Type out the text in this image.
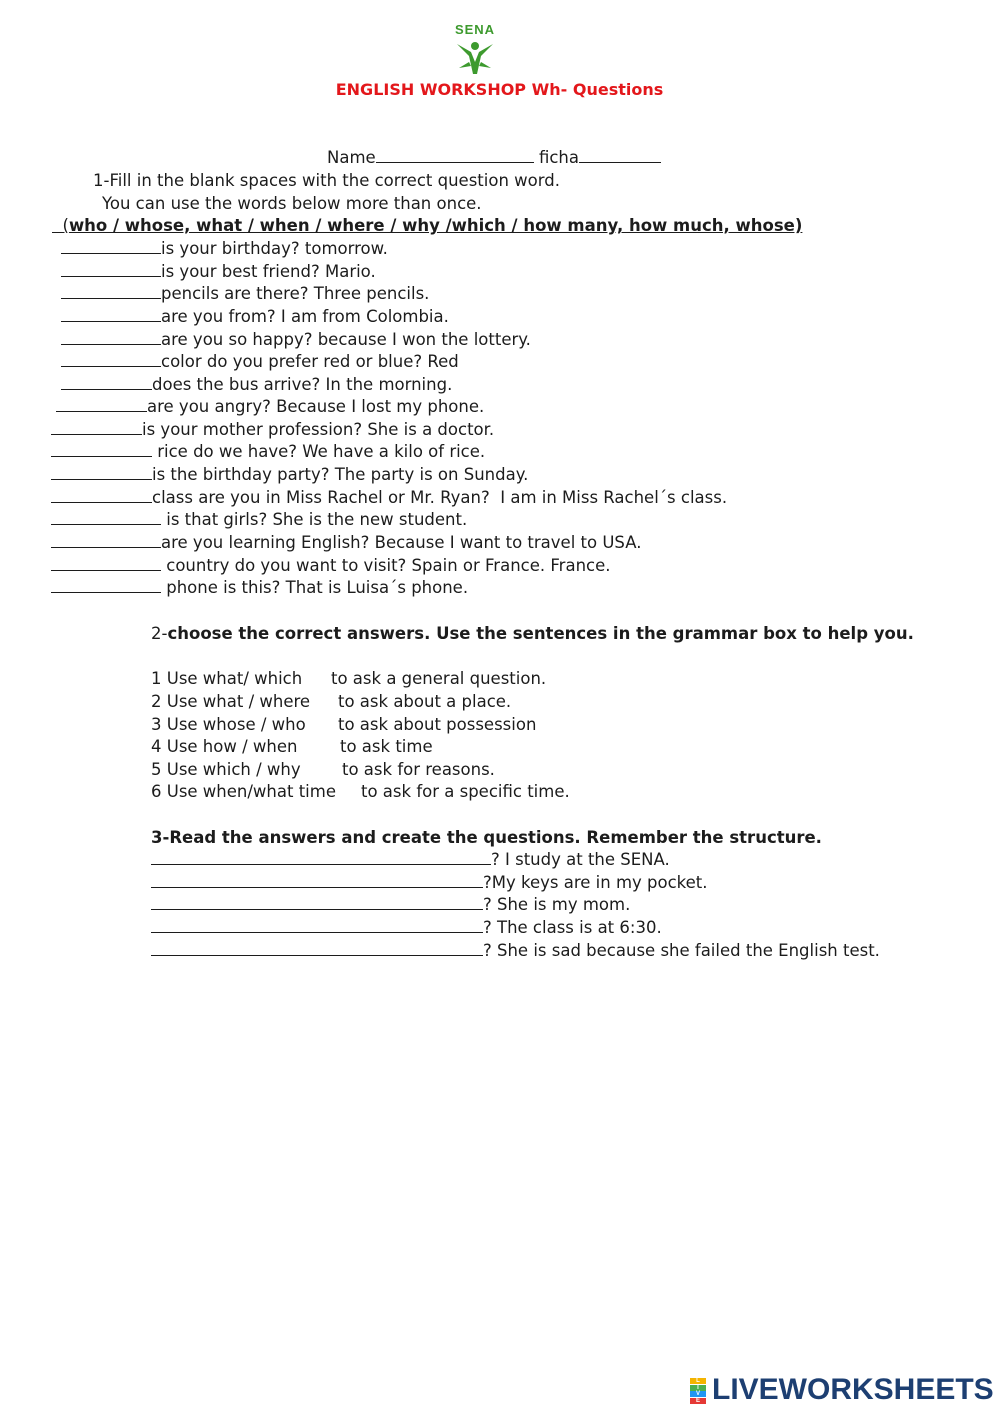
SENA
ENGLISH WORKSHOP Wh- Questions
Name	ficha
1-Fill in the blank spaces with the correct question word.
You can use the words below more than once.
(who / whose, what / when / where / why /which / how many, how much, whose)
is your birthday? tomorrow.
is your best friend? Mario.
pencils are there? Three pencils.
are you from? I am from Colombia.
are you so happy? because I won the lottery.
color do you prefer red or blue? Red
does the bus arrive? In the morning.
are you angry? Because I lost my phone.
is your mother profession? She is a doctor.
rice do we have? We have a kilo of rice.
is the birthday party? The party is on Sunday.
class are you in Miss Rachel or Mr. Ryan?  I am in Miss Rachel´s class.
is that girls? She is the new student.
are you learning English? Because I want to travel to USA.
country do you want to visit? Spain or France. France.
phone is this? That is Luisa´s phone.
2-choose the correct answers. Use the sentences in the grammar box to help you.
1 Use what/ which to ask a general question.
2 Use what / where to ask about a place.
3 Use whose / who to ask about possession
4 Use how / when	to ask time
5 Use which / why	to ask for reasons.
6 Use when/what time to ask for a specific time.
3-Read the answers and create the questions. Remember the structure.
? I study at the SENA.
?My keys are in my pocket.
? She is my mom.
? The class is at 6:30.
? She is sad because she failed the English test.
L
I
V
E LIVEWORKSHEETS
